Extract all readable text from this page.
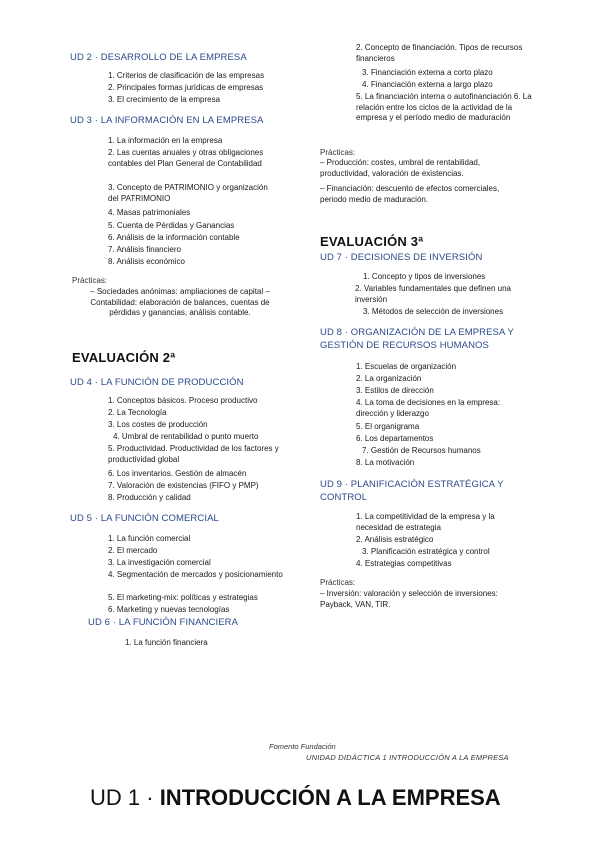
UD 2 · DESARROLLO DE LA EMPRESA
1. Criterios de clasificación de las empresas
2. Principales formas jurídicas de empresas
3. El crecimiento de la empresa
UD 3 · LA INFORMACIÓN EN LA EMPRESA
1. La información en la empresa
2. Las cuentas anuales y otras obligaciones contables del Plan General de Contabilidad
3. Concepto de PATRIMONIO y organización del PATRIMONIO
4. Masas patrimoniales
5. Cuenta de Pérdidas y Ganancias
6. Análisis de la información contable
7. Análisis financiero
8. Análisis económico
Prácticas:
– Sociedades anónimas: ampliaciones de capital – Contabilidad: elaboración de balances, cuentas de pérdidas y ganancias, análisis contable.
EVALUACIÓN 2ª
UD 4 · LA FUNCIÓN DE PRODUCCIÓN
1. Conceptos básicos. Proceso productivo
2. La Tecnología
3. Los costes de producción
4. Umbral de rentabilidad o punto muerto
5. Productividad. Productividad de los factores y productividad global
6. Los inventarios. Gestión de almacén
7. Valoración de existencias (FIFO y PMP)
8. Producción y calidad
UD 5 · LA FUNCIÓN COMERCIAL
1. La función comercial
2. El mercado
3. La investigación comercial
4. Segmentación de mercados y posicionamiento
5. El marketing-mix: políticas y estrategias
6. Marketing y nuevas tecnologías
UD 6 · LA FUNCIÓN FINANCIERA
1. La función financiera
2. Concepto de financiación. Tipos de recursos financieros
3. Financiación externa a corto plazo
4. Financiación externa a largo plazo
5. La financiación interna o autofinanciación 6. La relación entre los ciclos de la actividad de la empresa y el período medio de maduración
Prácticas:
– Producción: costes, umbral de rentabilidad, productividad, valoración de existencias.
– Financiación: descuento de efectos comerciales, periodo medio de maduración.
EVALUACIÓN 3ª
UD 7 · DECISIONES DE INVERSIÓN
1. Concepto y tipos de inversiones
2. Variables fundamentales que definen una inversión
3. Métodos de selección de inversiones
UD 8 · ORGANIZACIÓN DE LA EMPRESA Y GESTIÓN DE RECURSOS HUMANOS
1. Escuelas de organización
2. La organización
3. Estilos de dirección
4. La toma de decisiones en la empresa: dirección y liderazgo
5. El organigrama
6. Los departamentos
7. Gestión de Recursos humanos
8. La motivación
UD 9 · PLANIFICACIÓN ESTRATÉGICA Y CONTROL
1. La competitividad de la empresa y la necesidad de estrategia
2. Análisis estratégico
3. Planificación estratégica y control
4. Estrategias competitivas
Prácticas:
– Inversión: valoración y selección de inversiones: Payback, VAN, TIR.
Fomento Fundación
UNIDAD DIDÁCTICA 1 INTRODUCCIÓN A LA EMPRESA
UD 1 · INTRODUCCIÓN A LA EMPRESA
